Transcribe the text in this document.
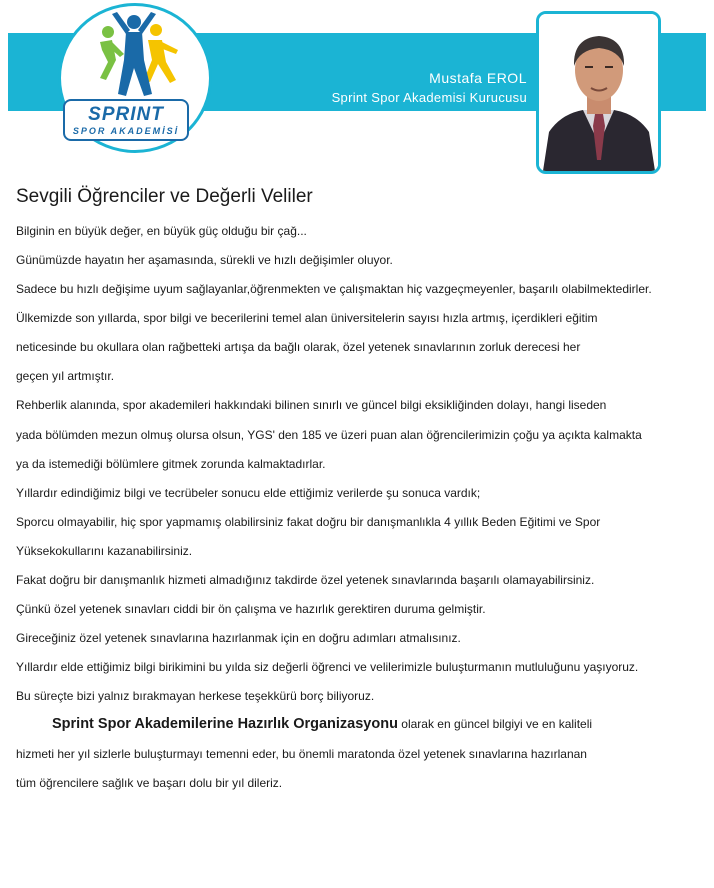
SPRINT
SPOR AKADEMİSİ
Mustafa EROL
Sprint Spor Akademisi Kurucusu
Sevgili Öğrenciler ve Değerli Veliler
Bilginin en büyük değer, en büyük güç olduğu bir çağ...
Günümüzde hayatın her aşamasında, sürekli ve hızlı değişimler oluyor.
Sadece bu hızlı değişime uyum sağlayanlar,öğrenmekten ve çalışmaktan hiç vazgeçmeyenler, başarılı olabilmektedirler.
Ülkemizde son yıllarda, spor bilgi ve becerilerini temel alan üniversitelerin sayısı hızla artmış, içerdikleri eğitim
neticesinde bu okullara olan rağbetteki artışa da bağlı olarak, özel yetenek sınavlarının zorluk derecesi her
geçen yıl artmıştır.
Rehberlik alanında, spor akademileri hakkındaki bilinen sınırlı ve güncel bilgi eksikliğinden dolayı, hangi liseden
yada bölümden mezun olmuş olursa olsun, YGS' den 185 ve üzeri puan alan öğrencilerimizin çoğu ya açıkta kalmakta
ya da istemediği bölümlere gitmek zorunda kalmaktadırlar.
Yıllardır edindiğimiz bilgi ve tecrübeler sonucu elde ettiğimiz verilerde şu sonuca vardık;
Sporcu olmayabilir, hiç spor yapmamış olabilirsiniz fakat doğru bir danışmanlıkla 4 yıllık Beden Eğitimi ve Spor
Yüksekokullarını kazanabilirsiniz.
Fakat doğru bir danışmanlık hizmeti almadığınız takdirde özel yetenek sınavlarında başarılı olamayabilirsiniz.
Çünkü özel yetenek sınavları ciddi bir ön çalışma ve hazırlık gerektiren duruma gelmiştir.
Gireceğiniz özel yetenek sınavlarına hazırlanmak için en doğru adımları atmalısınız.
Yıllardır elde ettiğimiz bilgi birikimini bu yılda siz değerli öğrenci ve velilerimizle buluşturmanın mutluluğunu yaşıyoruz.
Bu süreçte bizi yalnız bırakmayan herkese teşekkürü borç biliyoruz.
Sprint Spor Akademilerine Hazırlık Organizasyonu olarak en güncel bilgiyi ve en kaliteli
hizmeti her yıl sizlerle buluşturmayı temenni eder, bu önemli maratonda özel yetenek sınavlarına hazırlanan
tüm öğrencilere sağlık ve başarı dolu bir yıl dileriz.
